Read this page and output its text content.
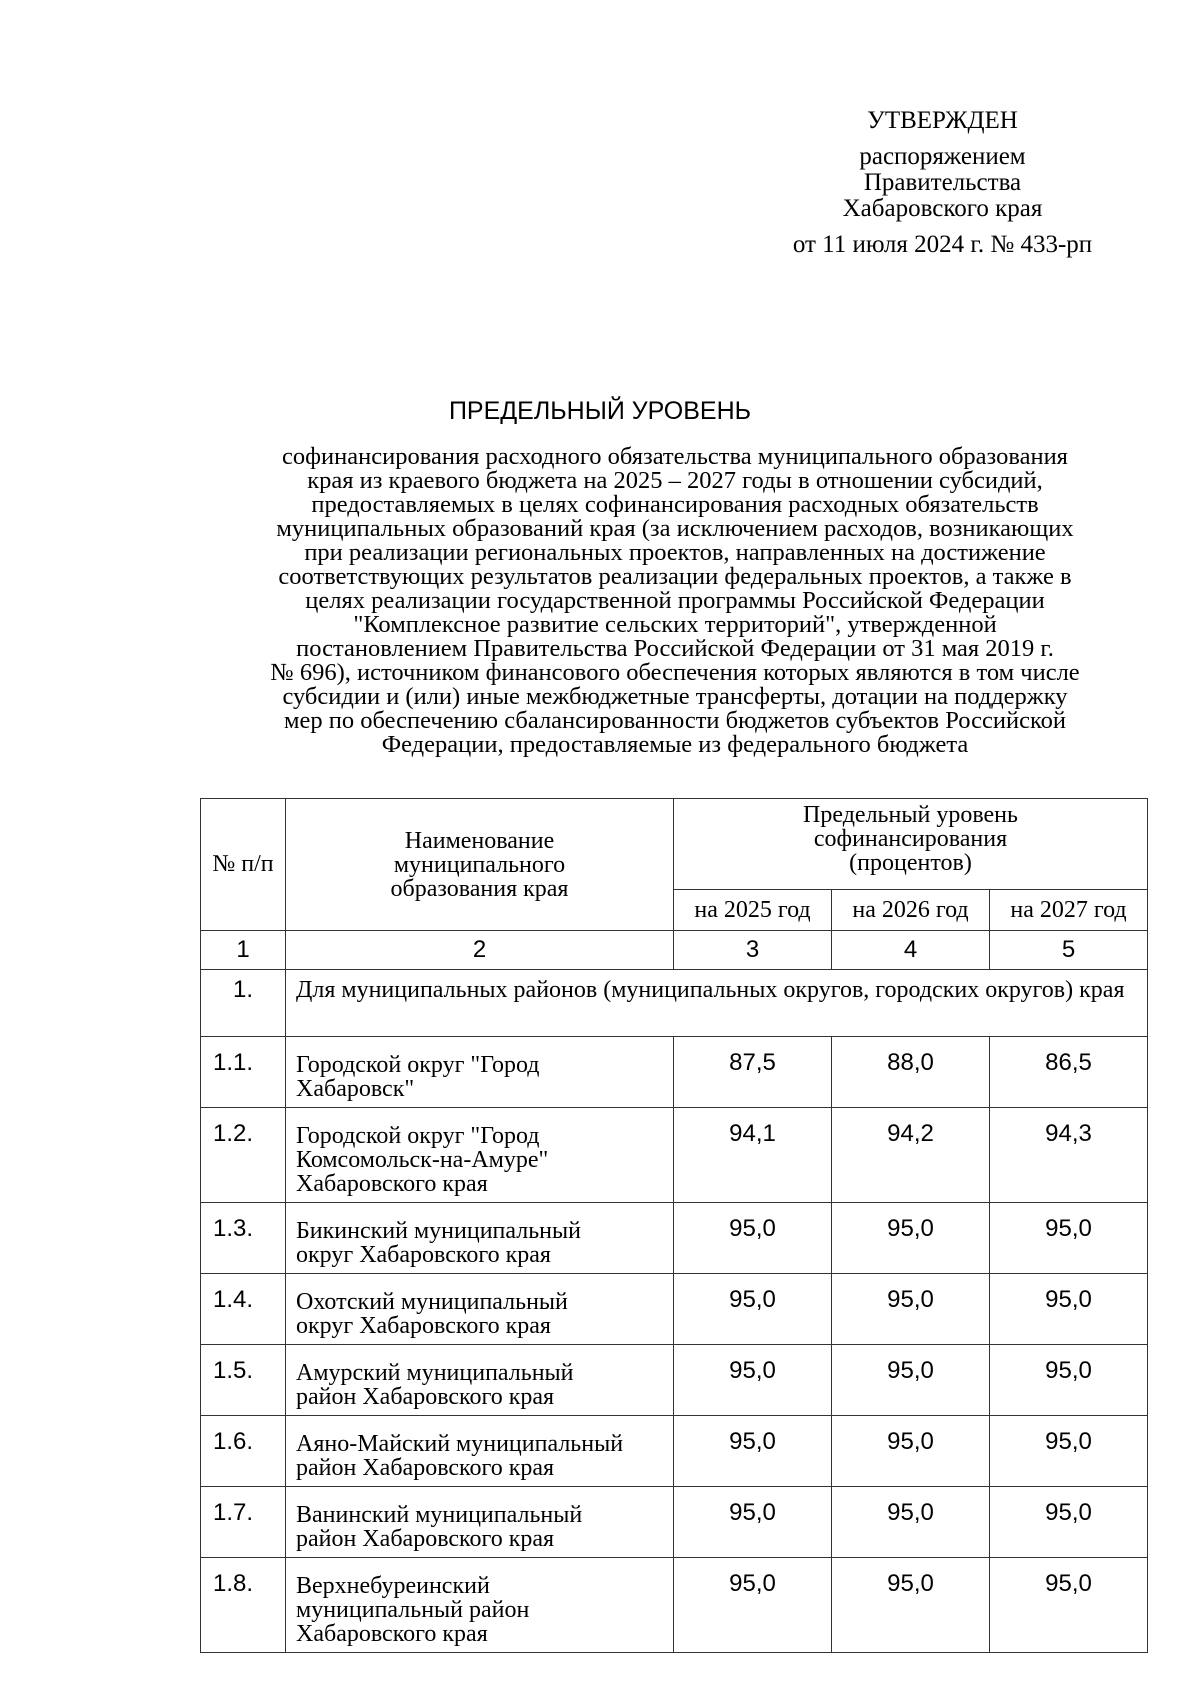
УТВЕРЖДЕН
распоряжением
Правительства
Хабаровского края
от 11 июля 2024 г. № 433-рп
ПРЕДЕЛЬНЫЙ УРОВЕНЬ
софинансирования расходного обязательства муниципального образования
края из краевого бюджета на 2025 – 2027 годы в отношении субсидий,
предоставляемых в целях софинансирования расходных обязательств
муниципальных образований края (за исключением расходов, возникающих
при реализации региональных проектов, направленных на достижение
соответствующих результатов реализации федеральных проектов, а также в
целях реализации государственной программы Российской Федерации
"Комплексное развитие сельских территорий", утвержденной
постановлением Правительства Российской Федерации от 31 мая 2019 г.
№ 696), источником финансового обеспечения которых являются в том числе
субсидии и (или) иные межбюджетные трансферты, дотации на поддержку
мер по обеспечению сбалансированности бюджетов субъектов Российской
Федерации, предоставляемые из федерального бюджета
№ п/п	Наименование муниципального образования края	Предельный уровень софинансирования (процентов)		

		на 2025 год	на 2026 год	на 2027 год
1	2	3	4	5
1.	Для муниципальных районов (муниципальных округов, городских округов) края			
1.1.	Городской округ "Город
Хабаровск"	87,5	88,0	86,5
1.2.	Городской округ "Город
Комсомольск-на-Амуре"
Хабаровского края	94,1	94,2	94,3
1.3.	Бикинский муниципальный
округ Хабаровского края	95,0	95,0	95,0
1.4.	Охотский муниципальный
округ Хабаровского края	95,0	95,0	95,0
1.5.	Амурский муниципальный
район Хабаровского края	95,0	95,0	95,0
1.6.	Аяно-Майский муниципальный
район Хабаровского края	95,0	95,0	95,0
1.7.	Ванинский муниципальный
район Хабаровского края	95,0	95,0	95,0
1.8.	Верхнебуреинский
муниципальный район
Хабаровского края	95,0	95,0	95,0
